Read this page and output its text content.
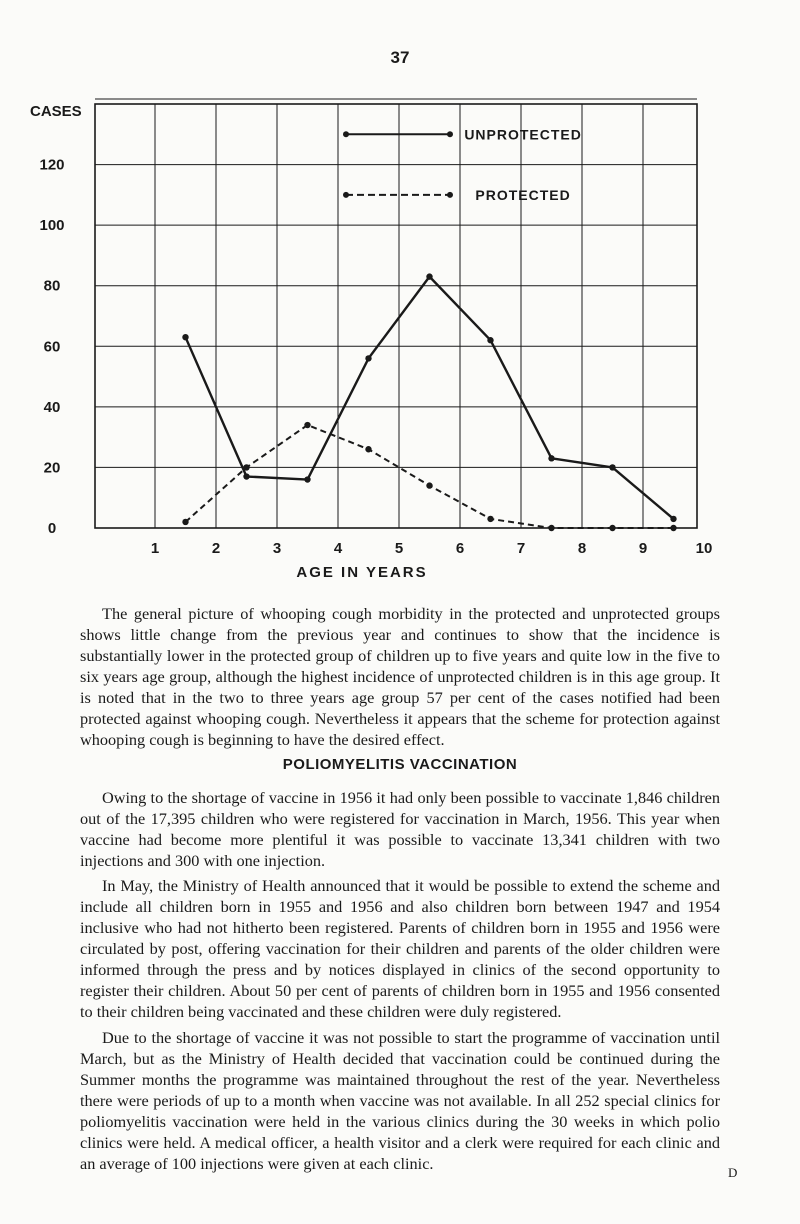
37
0
20
40
60
80
100
120
1	2	3	4	5	6	7	8	9	10
UNPROTECTED
PROTECTED
CASES
AGE IN YEARS

The general picture of whooping cough morbidity in the protected and unprotected groups shows little change from the previous year and continues to show that the incidence is substantially lower in the protected group of children up to five years and quite low in the five to six years age group, although the highest incidence of unprotected children is in this age group. It is noted that in the two to three years age group 57 per cent of the cases notified had been protected against whooping cough. Nevertheless it appears that the scheme for protection against whooping cough is beginning to have the desired effect.

POLIOMYELITIS VACCINATION

Owing to the shortage of vaccine in 1956 it had only been possible to vaccinate 1,846 children out of the 17,395 children who were registered for vaccination in March, 1956. This year when vaccine had become more plentiful it was possible to vaccinate 13,341 children with two injections and 300 with one injection.

In May, the Ministry of Health announced that it would be possible to extend the scheme and include all children born in 1955 and 1956 and also children born between 1947 and 1954 inclusive who had not hitherto been registered. Parents of children born in 1955 and 1956 were circulated by post, offering vaccination for their children and parents of the older children were informed through the press and by notices displayed in clinics of the second opportunity to register their children. About 50 per cent of parents of children born in 1955 and 1956 consented to their children being vaccinated and these children were duly registered.

Due to the shortage of vaccine it was not possible to start the programme of vaccination until March, but as the Ministry of Health decided that vaccination could be continued during the Summer months the programme was maintained throughout the rest of the year. Nevertheless there were periods of up to a month when vaccine was not available. In all 252 special clinics for poliomyelitis vaccination were held in the various clinics during the 30 weeks in which polio clinics were held. A medical officer, a health visitor and a clerk were required for each clinic and an average of 100 injections were given at each clinic.	D
